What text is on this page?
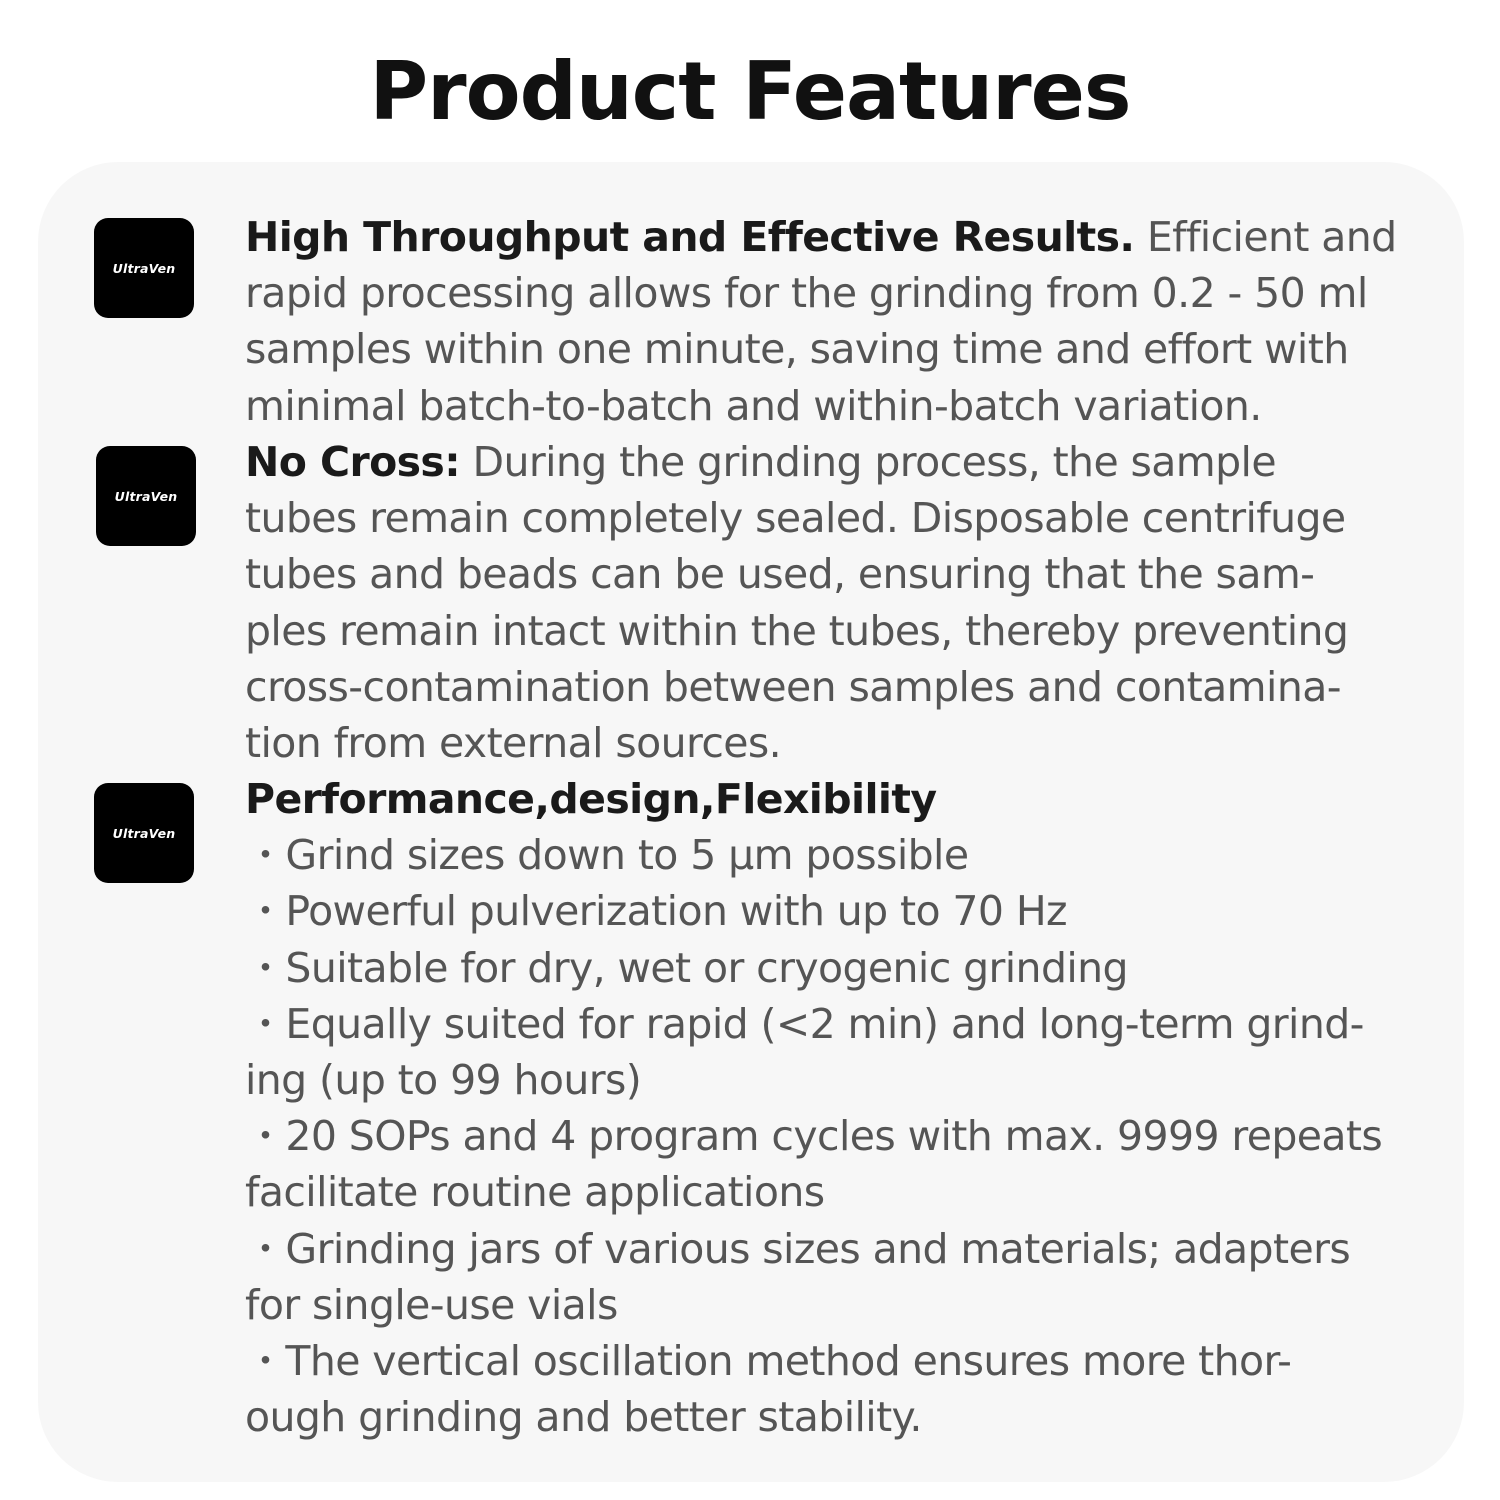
Product Features
UltraVen
High Throughput and Effective Results. Efficient and
rapid processing allows for the grinding from 0.2 - 50 ml
samples within one minute, saving time and effort with
minimal batch-to-batch and within-batch variation.
UltraVen
No Cross: During the grinding process, the sample
tubes remain completely sealed. Disposable centrifuge
tubes and beads can be used, ensuring that the sam-
ples remain intact within the tubes, thereby preventing
cross-contamination between samples and contamina-
tion from external sources.
UltraVen
Performance,design,Flexibility
・Grind sizes down to 5 µm possible
・Powerful pulverization with up to 70 Hz
・Suitable for dry, wet or cryogenic grinding
・Equally suited for rapid (<2 min) and long-term grind-
ing (up to 99 hours)
・20 SOPs and 4 program cycles with max. 9999 repeats
facilitate routine applications
・Grinding jars of various sizes and materials; adapters
for single-use vials
・The vertical oscillation method ensures more thor-
ough grinding and better stability.
